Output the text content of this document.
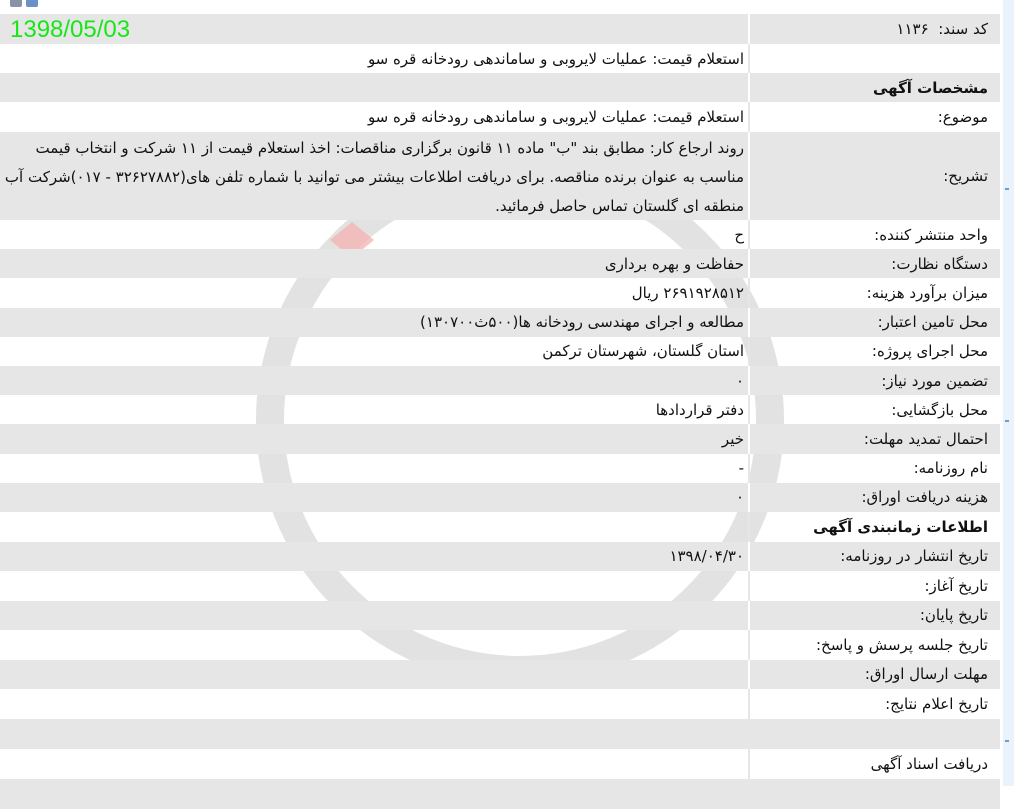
کد سند:

۱۱۳۶
1398/05/03
استعلام قیمت: عملیات لایروبی و ساماندهی رودخانه قره سو
مشخصات آگهی
موضوع:
استعلام قیمت: عملیات لایروبی و ساماندهی رودخانه قره سو
تشریح:
روند ارجاع کار: مطابق بند "ب" ماده ۱۱ قانون برگزاری مناقصات: اخذ استعلام قیمت از ۱۱ شرکت و انتخاب قیمت مناسب به عنوان برنده مناقصه. برای دریافت اطلاعات بیشتر می توانید با شماره تلفن های(۳۲۶۲۷۸۸۲ - ۰۱۷)شرکت آب منطقه ای گلستان تماس حاصل فرمائید.
واحد منتشر کننده:
ح
دستگاه نظارت:
حفاظت و بهره برداری
میزان برآورد هزینه:
۲۶۹۱۹۲۸۵۱۲ ریال
محل تامین اعتبار:
مطالعه و اجرای مهندسی رودخانه ها(۵۰۰ث۱۳۰۷۰۰)
محل اجرای پروژه:
استان گلستان، شهرستان ترکمن
تضمین مورد نیاز:
۰
محل بازگشایی:
دفتر قراردادها
احتمال تمدید مهلت:
خیر
نام روزنامه:
-
هزینه دریافت اوراق:
۰
اطلاعات زمانبندی آگهی
تاریخ انتشار در روزنامه:
۱۳۹۸/۰۴/۳۰
تاریخ آغاز:
تاریخ پایان:
تاریخ جلسه پرسش و پاسخ:
مهلت ارسال اوراق:
تاریخ اعلام نتایج:
دریافت اسناد آگهی
